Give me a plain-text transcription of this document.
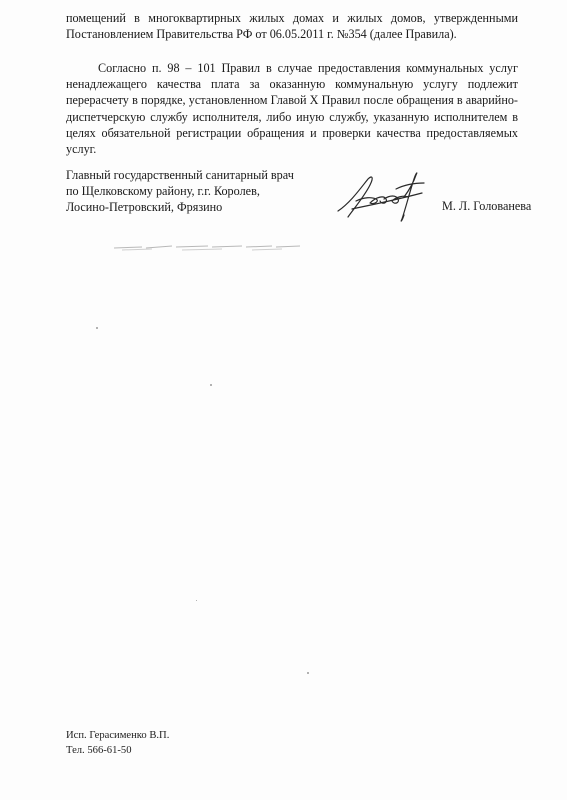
помещений в многоквартирных жилых домах и жилых домов, утвержденными Постановлением Правительства РФ от 06.05.2011 г. №354 (далее Правила).

Согласно п. 98 – 101 Правил в случае предоставления коммунальных услуг ненадлежащего качества плата за оказанную коммунальную услугу подлежит перерасчету в порядке, установленном Главой X Правил после обращения в аварийно-диспетчерскую службу исполнителя, либо иную службу, указанную исполнителем в целях обязательной регистрации обращения и проверки качества предоставляемых услуг.

Главный государственный санитарный врач
по Щелковскому району, г.г. Королев,
Лосино-Петровский, Фрязино	М. Л. Голованева
Исп. Герасименко В.П.
Тел. 566-61-50
